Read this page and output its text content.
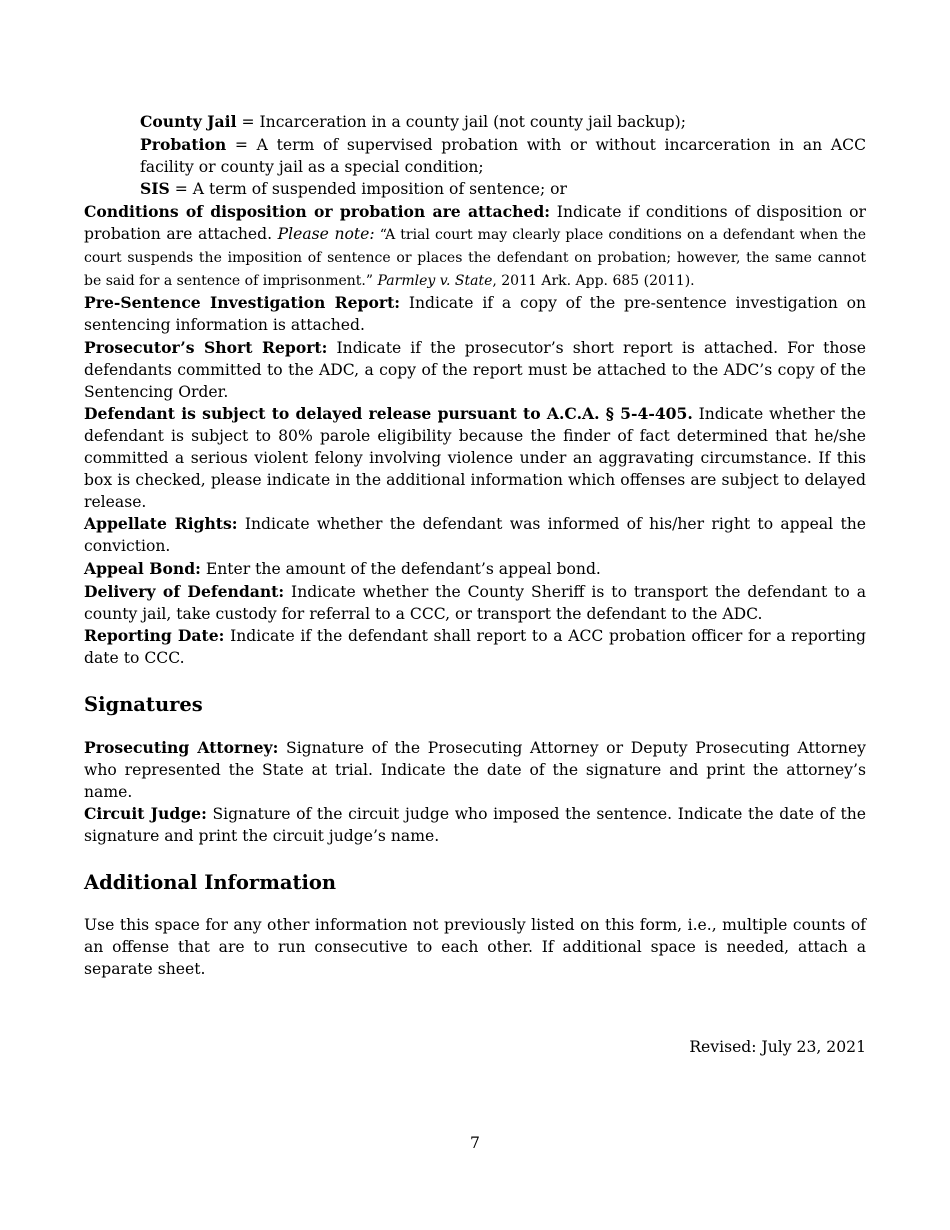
County Jail = Incarceration in a county jail (not county jail backup);

Probation = A term of supervised probation with or without incarceration in an ACC facility or county jail as a special condition;

SIS = A term of suspended imposition of sentence; or

Conditions of disposition or probation are attached: Indicate if conditions of disposition or probation are attached. Please note: “A trial court may clearly place conditions on a defendant when the court suspends the imposition of sentence or places the defendant on probation; however, the same cannot be said for a sentence of imprisonment.” Parmley v. State, 2011 Ark. App. 685 (2011).

Pre-Sentence Investigation Report: Indicate if a copy of the pre-sentence investigation on sentencing information is attached.

Prosecutor’s Short Report: Indicate if the prosecutor’s short report is attached. For those defendants committed to the ADC, a copy of the report must be attached to the ADC’s copy of the Sentencing Order.

Defendant is subject to delayed release pursuant to A.C.A. § 5-4-405. Indicate whether the defendant is subject to 80% parole eligibility because the finder of fact determined that he/she committed a serious violent felony involving violence under an aggravating circumstance. If this box is checked, please indicate in the additional information which offenses are subject to delayed release.

Appellate Rights: Indicate whether the defendant was informed of his/her right to appeal the conviction.

Appeal Bond: Enter the amount of the defendant’s appeal bond.

Delivery of Defendant: Indicate whether the County Sheriff is to transport the defendant to a county jail, take custody for referral to a CCC, or transport the defendant to the ADC.

Reporting Date: Indicate if the defendant shall report to a ACC probation officer for a reporting date to CCC.

Signatures

Prosecuting Attorney: Signature of the Prosecuting Attorney or Deputy Prosecuting Attorney who represented the State at trial. Indicate the date of the signature and print the attorney’s name.

Circuit Judge: Signature of the circuit judge who imposed the sentence. Indicate the date of the signature and print the circuit judge’s name.

Additional Information

Use this space for any other information not previously listed on this form, i.e., multiple counts of an offense that are to run consecutive to each other. If additional space is needed, attach a separate sheet.

Revised: July 23, 2021
7
